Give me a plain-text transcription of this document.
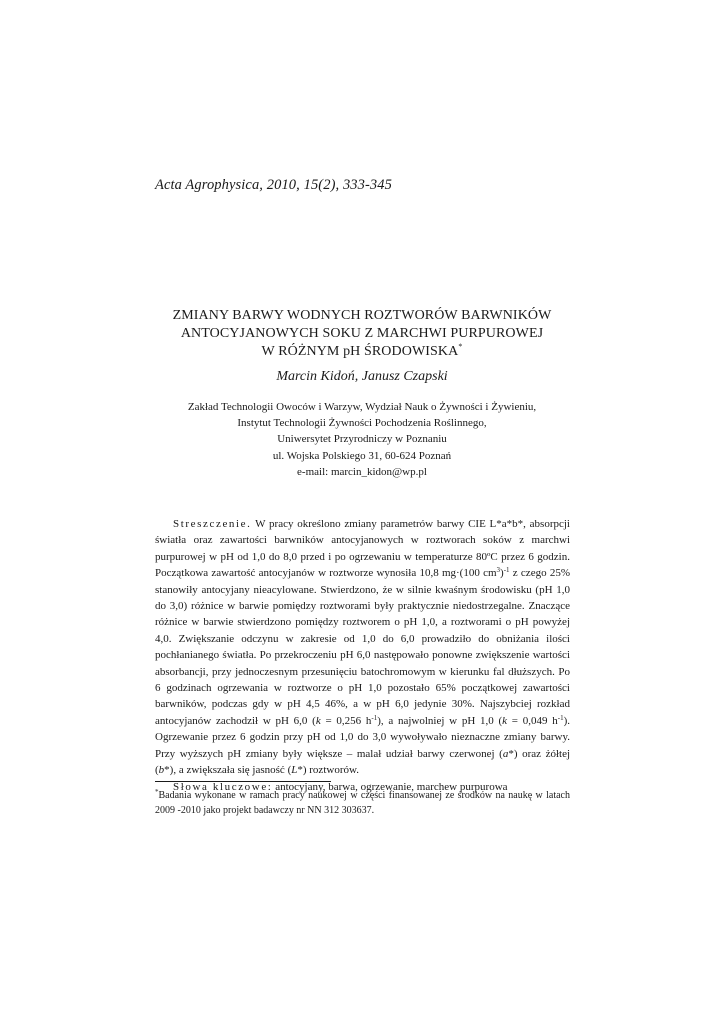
Acta Agrophysica, 2010, 15(2), 333-345
ZMIANY BARWY WODNYCH ROZTWORÓW BARWNIKÓW
ANTOCYJANOWYCH SOKU Z MARCHWI PURPUROWEJ
W RÓŻNYM pH ŚRODOWISKA*
Marcin Kidoń, Janusz Czapski
Zakład Technologii Owoców i Warzyw, Wydział Nauk o Żywności i Żywieniu,
Instytut Technologii Żywności Pochodzenia Roślinnego,
Uniwersytet Przyrodniczy w Poznaniu
ul. Wojska Polskiego 31, 60-624 Poznań
e-mail: marcin_kidon@wp.pl

Streszczenie. W pracy określono zmiany parametrów barwy CIE L*a*b*, absorpcji światła oraz zawartości barwników antocyjanowych w roztworach soków z marchwi purpurowej w pH od 1,0 do 8,0 przed i po ogrzewaniu w temperaturze 80ºC przez 6 godzin. Początkowa zawartość antocyjanów w roztworze wynosiła 10,8 mg·(100 $cm^3)^{-1}$ z czego 25% stanowiły antocyjany nieacylowane. Stwierdzono, że w silnie kwaśnym środowisku (pH 1,0 do 3,0) różnice w barwie pomiędzy roztworami były praktycznie niedostrzegalne. Znaczące różnice w barwie stwierdzono pomiędzy roztworem o pH 1,0, a roztworami o pH powyżej 4,0. Zwiększanie odczynu w zakresie od 1,0 do 6,0 prowadziło do obniżania ilości pochłanianego światła. Po przekroczeniu pH 6,0 następowało ponowne zwiększenie wartości absorbancji, przy jednoczesnym przesunięciu batochromowym w kierunku fal dłuższych. Po 6 godzinach ogrzewania w roztworze o pH 1,0 pozostało 65% początkowej zawartości barwników, podczas gdy w pH 4,5 46%, a w pH 6,0 jedynie 30%. Najszybciej rozkład antocyjanów zachodził w pH 6,0 (k = 0,256 $h^{-1}$), a najwolniej w pH 1,0 (k = 0,049 $h^{-1}$). Ogrzewanie przez 6 godzin przy pH od 1,0 do 3,0 wywoływało nieznaczne zmiany barwy. Przy wyższych pH zmiany były większe – malał udział barwy czerwonej (a*) oraz żółtej (b*), a zwiększała się jasność (L*) roztworów.

Słowa kluczowe: antocyjany, barwa, ogrzewanie, marchew purpurowa

*Badania wykonane w ramach pracy naukowej w części finansowanej ze środków na naukę w latach 2009 -2010 jako projekt badawczy nr NN 312 303637.
